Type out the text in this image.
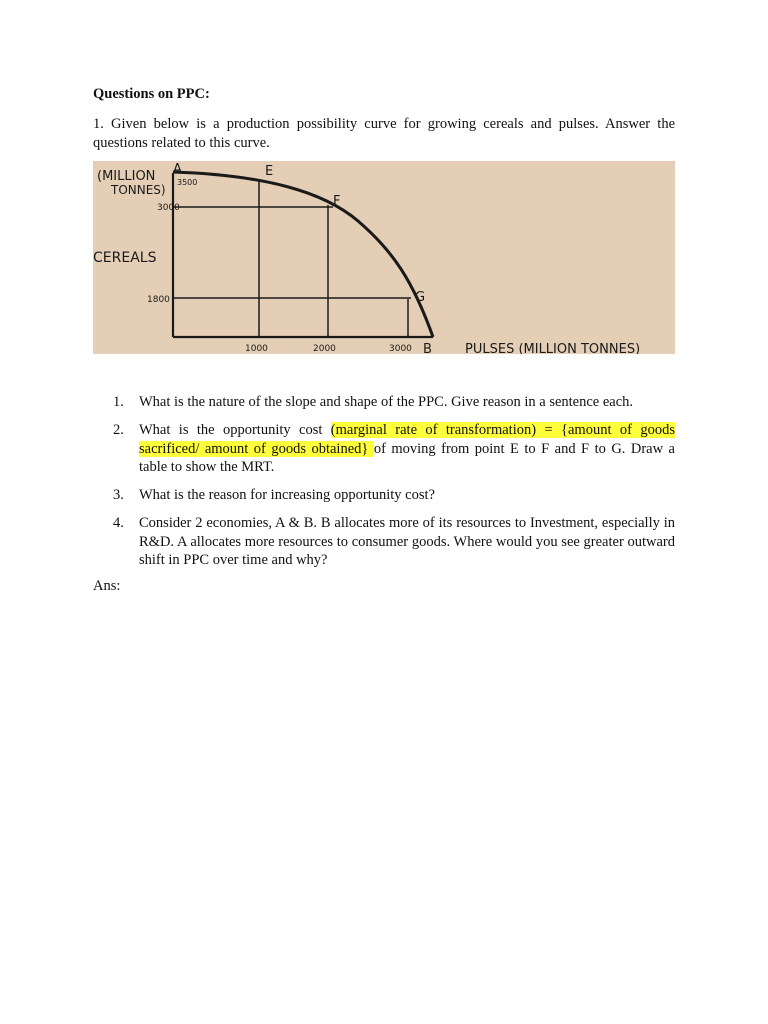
Questions on PPC:
1. Given below is a production possibility curve for growing cereals and pulses. Answer the questions related to this curve.
(MILLION
TONNES)
CEREALS
PULSES (MILLION TONNES)
3500
3000
1800
1000	2000	3000
A	E
F
G
B
1. What is the nature of the slope and shape of the PPC. Give reason in a sentence each.
2. What is the opportunity cost (marginal rate of transformation) = {amount of goods sacrificed/ amount of goods obtained} of moving from point E to F and F to G. Draw a table to show the MRT.
3. What is the reason for increasing opportunity cost?
4. Consider 2 economies, A & B. B allocates more of its resources to Investment, especially in R&D. A allocates more resources to consumer goods. Where would you see greater outward shift in PPC over time and why?
Ans:
